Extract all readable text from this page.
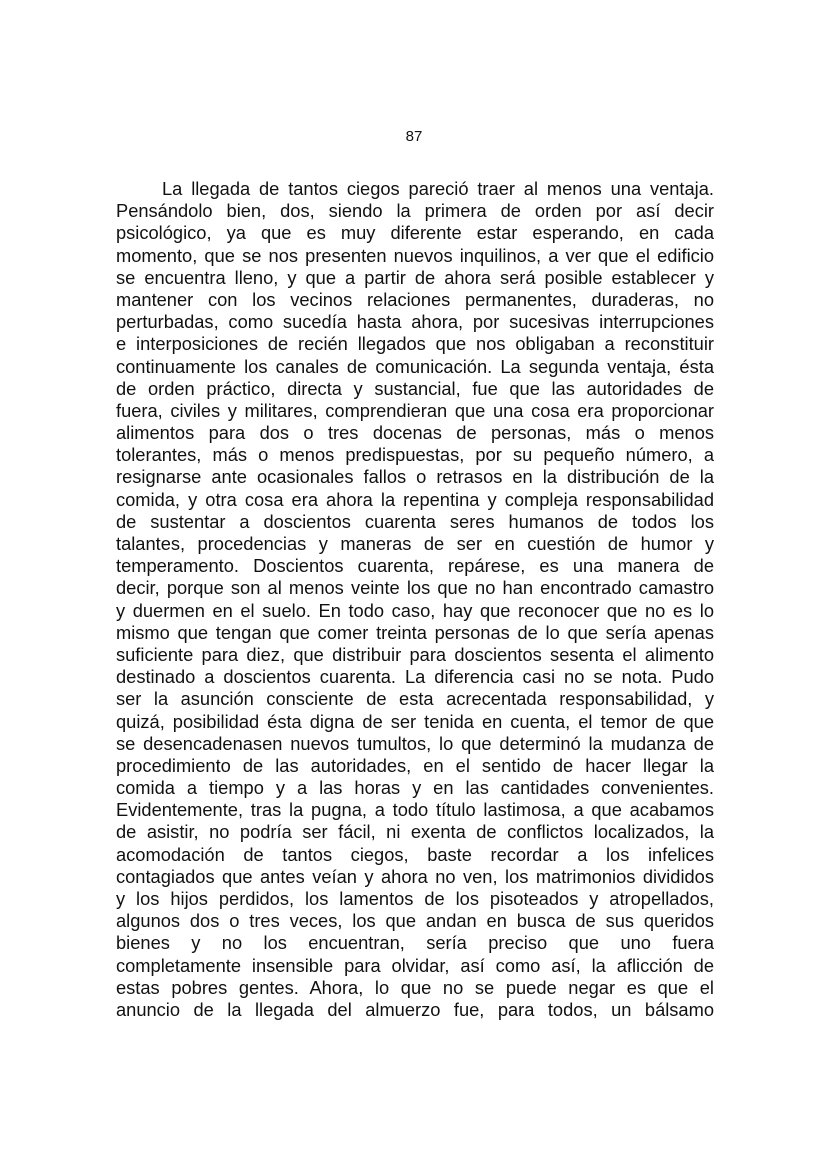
87

La llegada de tantos ciegos pareció traer al menos una ventaja.
Pensándolo bien, dos, siendo la primera de orden por así decir
psicológico, ya que es muy diferente estar esperando, en cada
momento, que se nos presenten nuevos inquilinos, a ver que el edificio
se encuentra lleno, y que a partir de ahora será posible establecer y
mantener con los vecinos relaciones permanentes, duraderas, no
perturbadas, como sucedía hasta ahora, por sucesivas interrupciones
e interposiciones de recién llegados que nos obligaban a reconstituir
continuamente los canales de comunicación. La segunda ventaja, ésta
de orden práctico, directa y sustancial, fue que las autoridades de
fuera, civiles y militares, comprendieran que una cosa era proporcionar
alimentos para dos o tres docenas de personas, más o menos
tolerantes, más o menos predispuestas, por su pequeño número, a
resignarse ante ocasionales fallos o retrasos en la distribución de la
comida, y otra cosa era ahora la repentina y compleja responsabilidad
de sustentar a doscientos cuarenta seres humanos de todos los
talantes, procedencias y maneras de ser en cuestión de humor y
temperamento. Doscientos cuarenta, repárese, es una manera de
decir, porque son al menos veinte los que no han encontrado camastro
y duermen en el suelo. En todo caso, hay que reconocer que no es lo
mismo que tengan que comer treinta personas de lo que sería apenas
suficiente para diez, que distribuir para doscientos sesenta el alimento
destinado a doscientos cuarenta. La diferencia casi no se nota. Pudo
ser la asunción consciente de esta acrecentada responsabilidad, y
quizá, posibilidad ésta digna de ser tenida en cuenta, el temor de que
se desencadenasen nuevos tumultos, lo que determinó la mudanza de
procedimiento de las autoridades, en el sentido de hacer llegar la
comida a tiempo y a las horas y en las cantidades convenientes.
Evidentemente, tras la pugna, a todo título lastimosa, a que acabamos
de asistir, no podría ser fácil, ni exenta de conflictos localizados, la
acomodación de tantos ciegos, baste recordar a los infelices
contagiados que antes veían y ahora no ven, los matrimonios divididos
y los hijos perdidos, los lamentos de los pisoteados y atropellados,
algunos dos o tres veces, los que andan en busca de sus queridos
bienes y no los encuentran, sería preciso que uno fuera
completamente insensible para olvidar, así como así, la aflicción de
estas pobres gentes. Ahora, lo que no se puede negar es que el
anuncio de la llegada del almuerzo fue, para todos, un bálsamo
